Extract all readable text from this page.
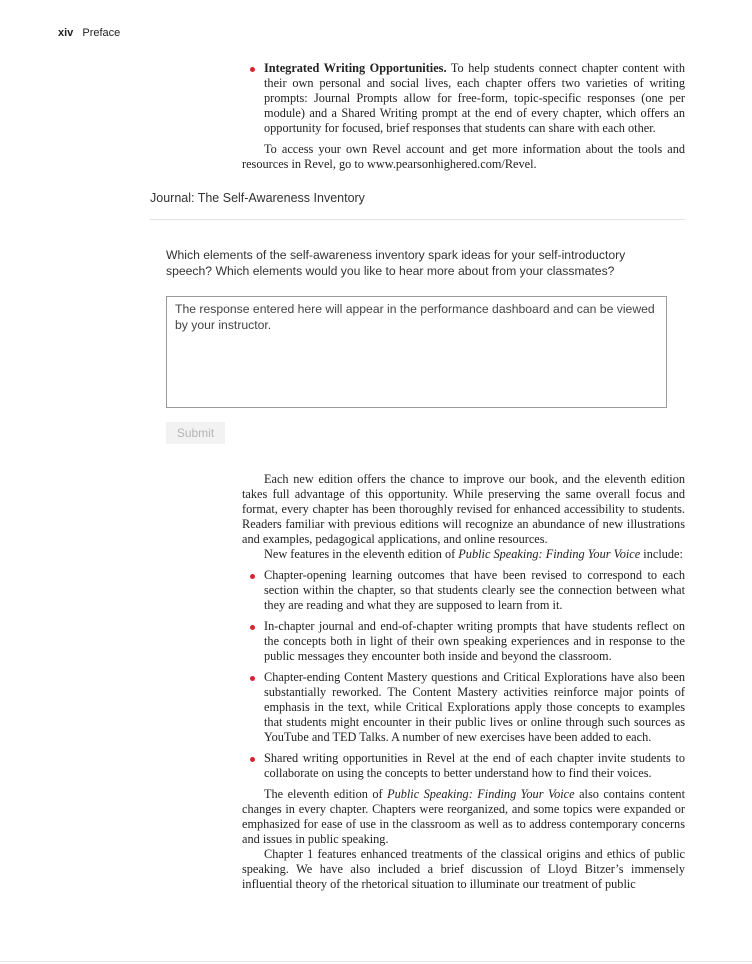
xiv Preface

Integrated Writing Opportunities. To help students connect chapter content with their own personal and social lives, each chapter offers two varieties of writing prompts: Journal Prompts allow for free-form, topic-specific responses (one per module) and a Shared Writing prompt at the end of every chapter, which offers an opportunity for focused, brief responses that students can share with each other.

To access your own Revel account and get more information about the tools and resources in Revel, go to www.pearsonhighered.com/Revel.

Journal: The Self-Awareness Inventory
Which elements of the self-awareness inventory spark ideas for your self-introductory speech? Which elements would you like to hear more about from your classmates?
The response entered here will appear in the performance dashboard and can be viewed by your instructor.
Submit

Each new edition offers the chance to improve our book, and the eleventh edition takes full advantage of this opportunity. While preserving the same overall focus and format, every chapter has been thoroughly revised for enhanced accessibility to students. Readers familiar with previous editions will recognize an abundance of new illustrations and examples, pedagogical applications, and online resources.

New features in the eleventh edition of Public Speaking: Finding Your Voice include:

Chapter-opening learning outcomes that have been revised to correspond to each section within the chapter, so that students clearly see the connection between what they are reading and what they are supposed to learn from it.

In-chapter journal and end-of-chapter writing prompts that have students reflect on the concepts both in light of their own speaking experiences and in response to the public messages they encounter both inside and beyond the classroom.

Chapter-ending Content Mastery questions and Critical Explorations have also been substantially reworked. The Content Mastery activities reinforce major points of emphasis in the text, while Critical Explorations apply those concepts to examples that students might encounter in their public lives or online through such sources as YouTube and TED Talks. A number of new exercises have been added to each.

Shared writing opportunities in Revel at the end of each chapter invite students to collaborate on using the concepts to better understand how to find their voices.

The eleventh edition of Public Speaking: Finding Your Voice also contains content changes in every chapter. Chapters were reorganized, and some topics were expanded or emphasized for ease of use in the classroom as well as to address contemporary concerns and issues in public speaking.

Chapter 1 features enhanced treatments of the classical origins and ethics of public speaking. We have also included a brief discussion of Lloyd Bitzer’s immensely influential theory of the rhetorical situation to illuminate our treatment of public
